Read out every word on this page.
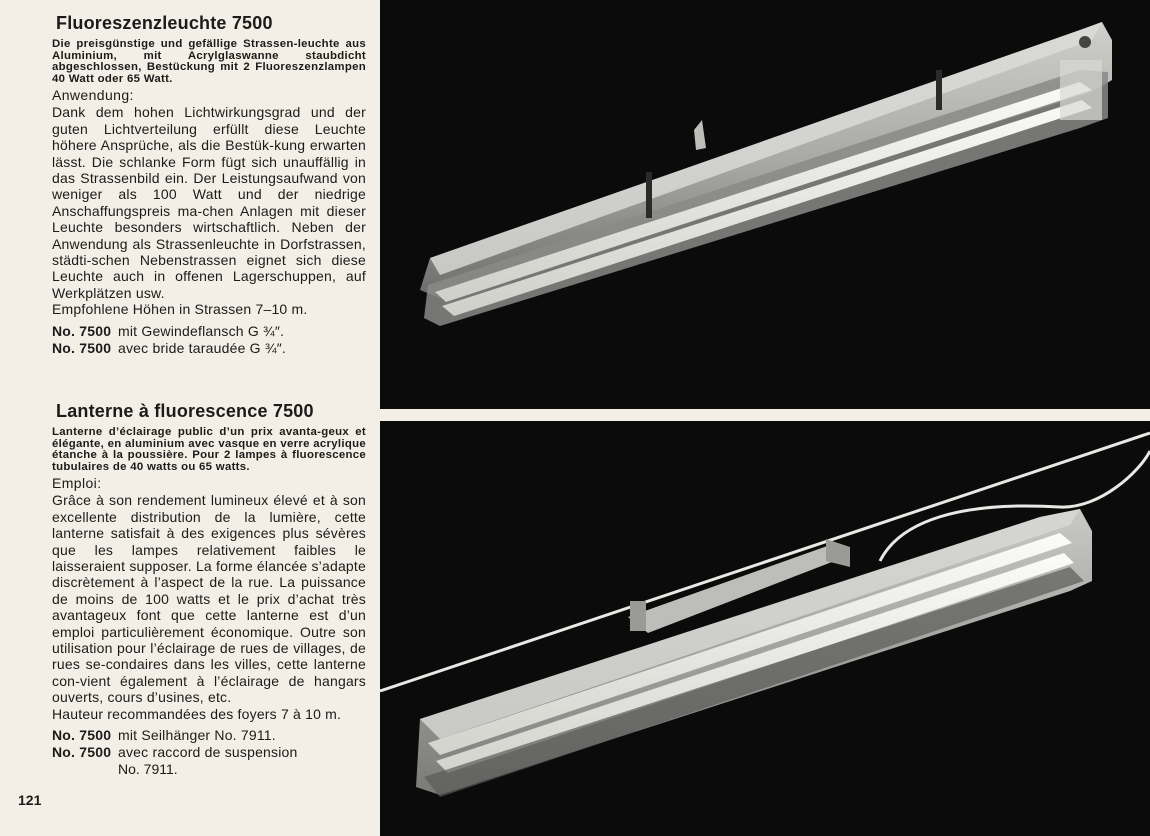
121
Fluoreszenzleuchte 7500

Die preisgünstige und gefällige Strassen-leuchte aus Aluminium, mit Acrylglaswanne staubdicht abgeschlossen, Bestückung mit 2 Fluoreszenzlampen 40 Watt oder 65 Watt.

Anwendung:

Dank dem hohen Lichtwirkungsgrad und der guten Lichtverteilung erfüllt diese Leuchte höhere Ansprüche, als die Bestük-kung erwarten lässt. Die schlanke Form fügt sich unauffällig in das Strassenbild ein. Der Leistungsaufwand von weniger als 100 Watt und der niedrige Anschaffungspreis ma-chen Anlagen mit dieser Leuchte besonders wirtschaftlich. Neben der Anwendung als Strassenleuchte in Dorfstrassen, städti-schen Nebenstrassen eignet sich diese Leuchte auch in offenen Lagerschuppen, auf Werkplätzen usw.

Empfohlene Höhen in Strassen 7–10 m.

No. 7500 mit Gewindeflansch G ¾″.
No. 7500 avec bride taraudée G ¾″.
Lanterne à fluorescence 7500

Lanterne d’éclairage public d’un prix avanta-geux et élégante, en aluminium avec vasque en verre acrylique étanche à la poussière. Pour 2 lampes à fluorescence tubulaires de 40 watts ou 65 watts.

Emploi:

Grâce à son rendement lumineux élevé et à son excellente distribution de la lumière, cette lanterne satisfait à des exigences plus sévères que les lampes relativement faibles le laisseraient supposer. La forme élancée s’adapte discrètement à l’aspect de la rue. La puissance de moins de 100 watts et le prix d’achat très avantageux font que cette lanterne est d’un emploi particulièrement économique. Outre son utilisation pour l’éclairage de rues de villages, de rues se-condaires dans les villes, cette lanterne con-vient également à l’éclairage de hangars ouverts, cours d’usines, etc.

Hauteur recommandées des foyers 7 à 10 m.

No. 7500 mit Seilhänger No. 7911.
No. 7500 avec raccord de suspension

No. 7911.
